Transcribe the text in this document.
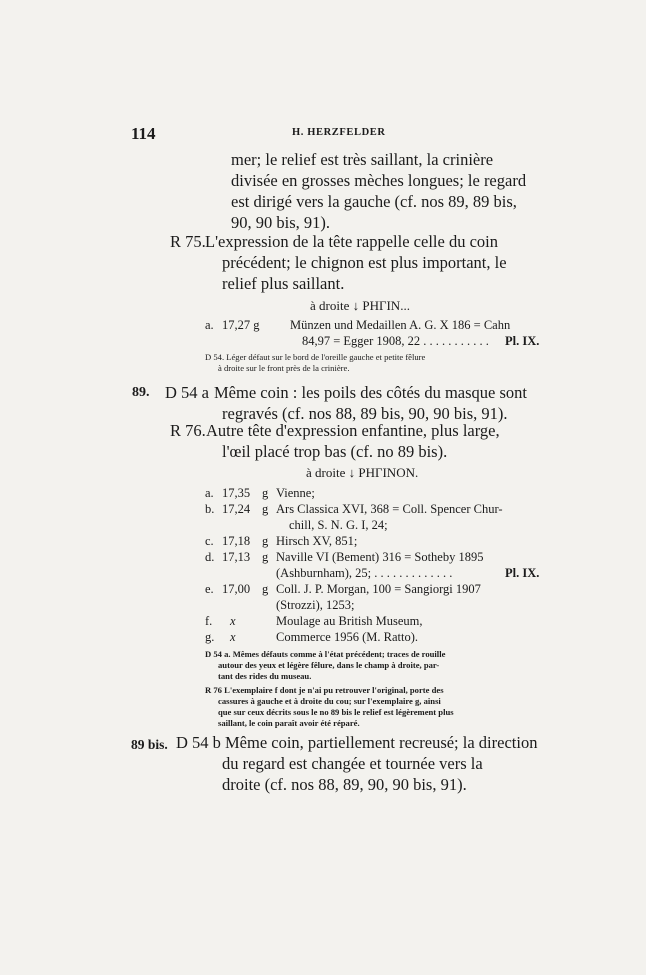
114	H. HERZFELDER
mer; le relief est très saillant, la crinière
divisée en grosses mèches longues; le regard
est dirigé vers la gauche (cf. nos 89, 89 bis,
90, 90 bis, 91).
R 75. L'expression de la tête rappelle celle du coin
précédent; le chignon est plus important, le
relief plus saillant.
à droite ↓ ΡΗΓΙΝ...
a. 17,27 g Münzen und Medaillen A. G. X 186 = Cahn
84,97 = Egger 1908, 22 . . . . . . . . . . . Pl. IX.
D 54. Léger défaut sur le bord de l'oreille gauche et petite fêlure
à droite sur le front près de la crinière.
89. D 54 a Même coin : les poils des côtés du masque sont
regravés (cf. nos 88, 89 bis, 90, 90 bis, 91).
R 76. Autre tête d'expression enfantine, plus large,
l'œil placé trop bas (cf. no 89 bis).
à droite ↓ ΡΗΓΙΝΟΝ.
a. 17,35 g Vienne;
b. 17,24 g Ars Classica XVI, 368 = Coll. Spencer Chur-
chill, S. N. G. I, 24;
c. 17,18 g Hirsch XV, 851;
d. 17,13 g Naville VI (Bement) 316 = Sotheby 1895
(Ashburnham), 25; . . . . . . . . . . . . .	Pl. IX.
e. 17,00 g Coll. J. P. Morgan, 100 = Sangiorgi 1907
(Strozzi), 1253;
f. x	Moulage au British Museum,
g. x	Commerce 1956 (M. Ratto).
D 54 a. Mêmes défauts comme à l'état précédent; traces de rouille
autour des yeux et légère fêlure, dans le champ à droite, par-
tant des rides du museau.
R 76 L'exemplaire f dont je n'ai pu retrouver l'original, porte des
cassures à gauche et à droite du cou; sur l'exemplaire g, ainsi
que sur ceux décrits sous le no 89 bis le relief est légèrement plus
saillant, le coin paraît avoir été réparé.
89 bis. D 54 b Même coin, partiellement recreusé; la direction
du regard est changée et tournée vers la
droite (cf. nos 88, 89, 90, 90 bis, 91).
